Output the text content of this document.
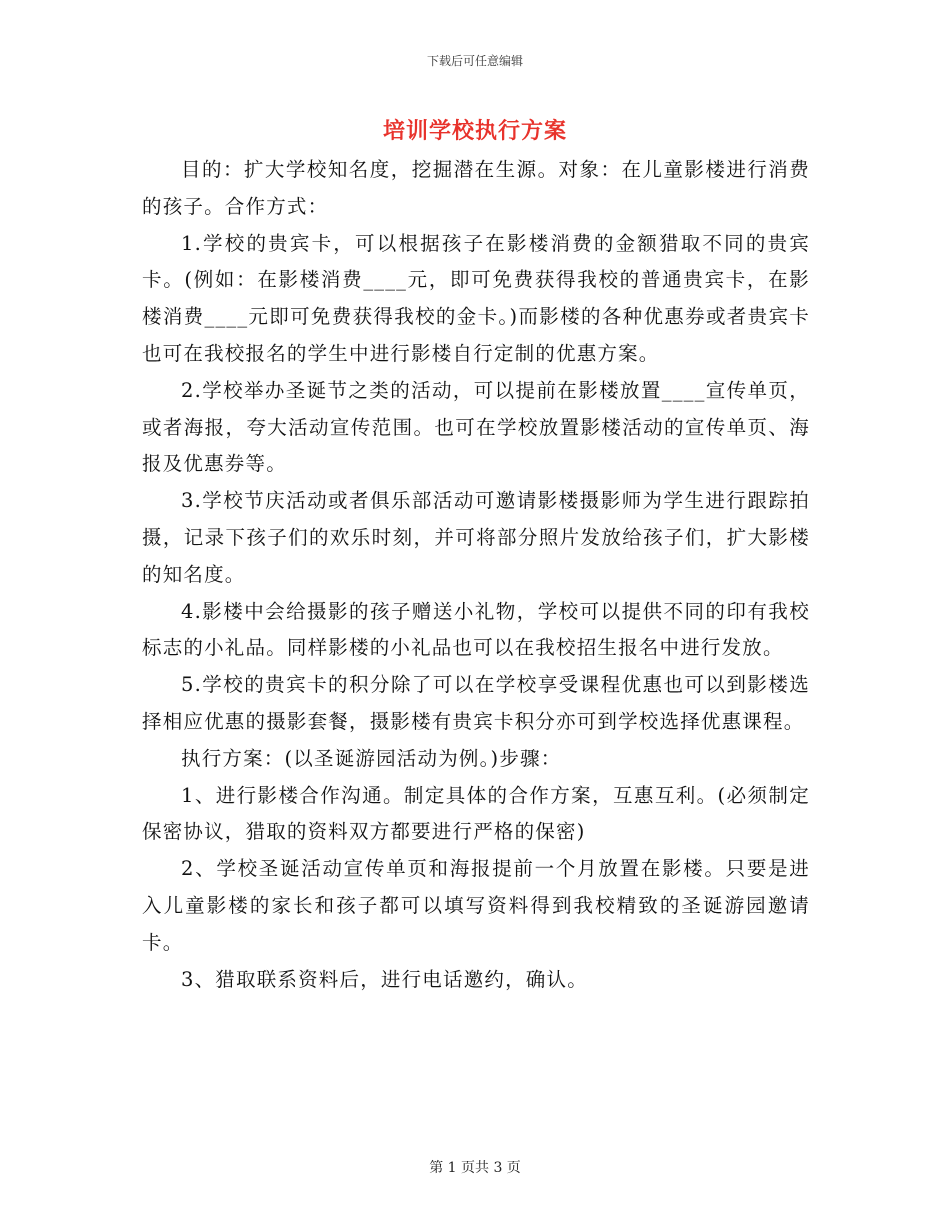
下载后可任意编辑
培训学校执行方案

目的：扩大学校知名度，挖掘潜在生源。对象：在儿童影楼进行消费的孩子。合作方式：

1.学校的贵宾卡，可以根据孩子在影楼消费的金额猎取不同的贵宾卡。(例如：在影楼消费____元，即可免费获得我校的普通贵宾卡，在影楼消费____元即可免费获得我校的金卡。)而影楼的各种优惠券或者贵宾卡也可在我校报名的学生中进行影楼自行定制的优惠方案。

2.学校举办圣诞节之类的活动，可以提前在影楼放置____宣传单页，或者海报，夸大活动宣传范围。也可在学校放置影楼活动的宣传单页、海报及优惠券等。

3.学校节庆活动或者俱乐部活动可邀请影楼摄影师为学生进行跟踪拍摄，记录下孩子们的欢乐时刻，并可将部分照片发放给孩子们，扩大影楼的知名度。

4.影楼中会给摄影的孩子赠送小礼物，学校可以提供不同的印有我校标志的小礼品。同样影楼的小礼品也可以在我校招生报名中进行发放。

5.学校的贵宾卡的积分除了可以在学校享受课程优惠也可以到影楼选择相应优惠的摄影套餐，摄影楼有贵宾卡积分亦可到学校选择优惠课程。

执行方案：(以圣诞游园活动为例。)步骤：

1、进行影楼合作沟通。制定具体的合作方案，互惠互利。(必须制定保密协议，猎取的资料双方都要进行严格的保密)

2、学校圣诞活动宣传单页和海报提前一个月放置在影楼。只要是进入儿童影楼的家长和孩子都可以填写资料得到我校精致的圣诞游园邀请卡。

3、猎取联系资料后，进行电话邀约，确认。

第 1 页共 3 页
